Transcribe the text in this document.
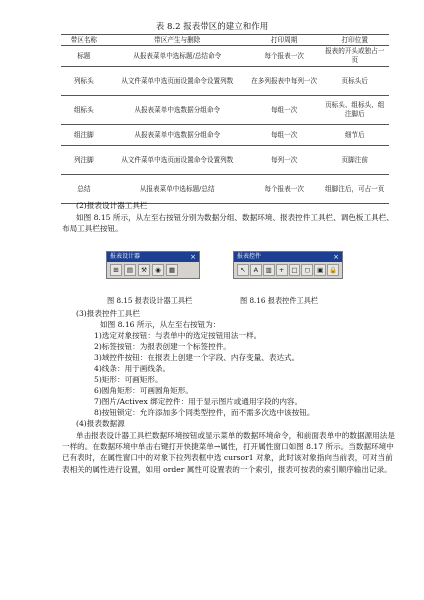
表 8.2 报表带区的建立和作用
带区名称	带区产生与删除	打印周期	打印位置
标题	从报表菜单中选标题/总结命令	每个报表一次	报表的开头或独占一页
列标头	从文件菜单中选页面设置命令设置列数	在多列报表中每列一次	页标头后
组标头	从报表菜单中选数据分组命令	每组一次	页标头、组标头、组注脚后
组注脚	从报表菜单中选数据分组命令	每组一次	细节后
列注脚	从文件菜单中选页面设置命令设置列数	每列一次	页脚注前
总结	从报表菜单中选标题/总结	每个报表一次	组脚注后，可占一页
(2)报表设计器工具栏
如图 8.15 所示，从左至右按钮分别为数据分组、数据环境、报表控件工具栏、调色板工具栏、布局工具栏按钮。
报表设计器	×
⊞	▤	⚒	◉	▦
报表控件	×
↖	A	▥	+	□	◻	▣ 🔒
图 8.15 报表设计器工具栏	图 8.16 报表控件工具栏
(3)报表控件工具栏
如图 8.16 所示，从左至右按钮为：
1)选定对象按钮：与表单中的选定按钮用法一样。
2)标签按钮：为报表创建一个标签控件。
3)域控件按钮：在报表上创建一个字段、内存变量、表达式。
4)线条：用于画线条。
5)矩形：可画矩形。
6)圆角矩形：可画圆角矩形。
7)图片/Activex 绑定控件：用于显示图片或通用字段的内容。
8)按钮锁定：允许添加多个同类型控件，而不需多次选中该按钮。
(4)报表数据源
单击报表设计器工具栏数据环境按钮或显示菜单的数据环境命令，和前面表单中的数据源用法是一样的。在数据环境中单击右键打开快捷菜单→属性，打开属性窗口如图 8.17 所示。当数据环境中已有表时，在属性窗口中的对象下拉列表框中选 cursor1 对象，此时该对象指向当前表，可对当前表相关的属性进行设置，如用 order 属性可设置表的一个索引，报表可按表的索引顺序输出记录。
